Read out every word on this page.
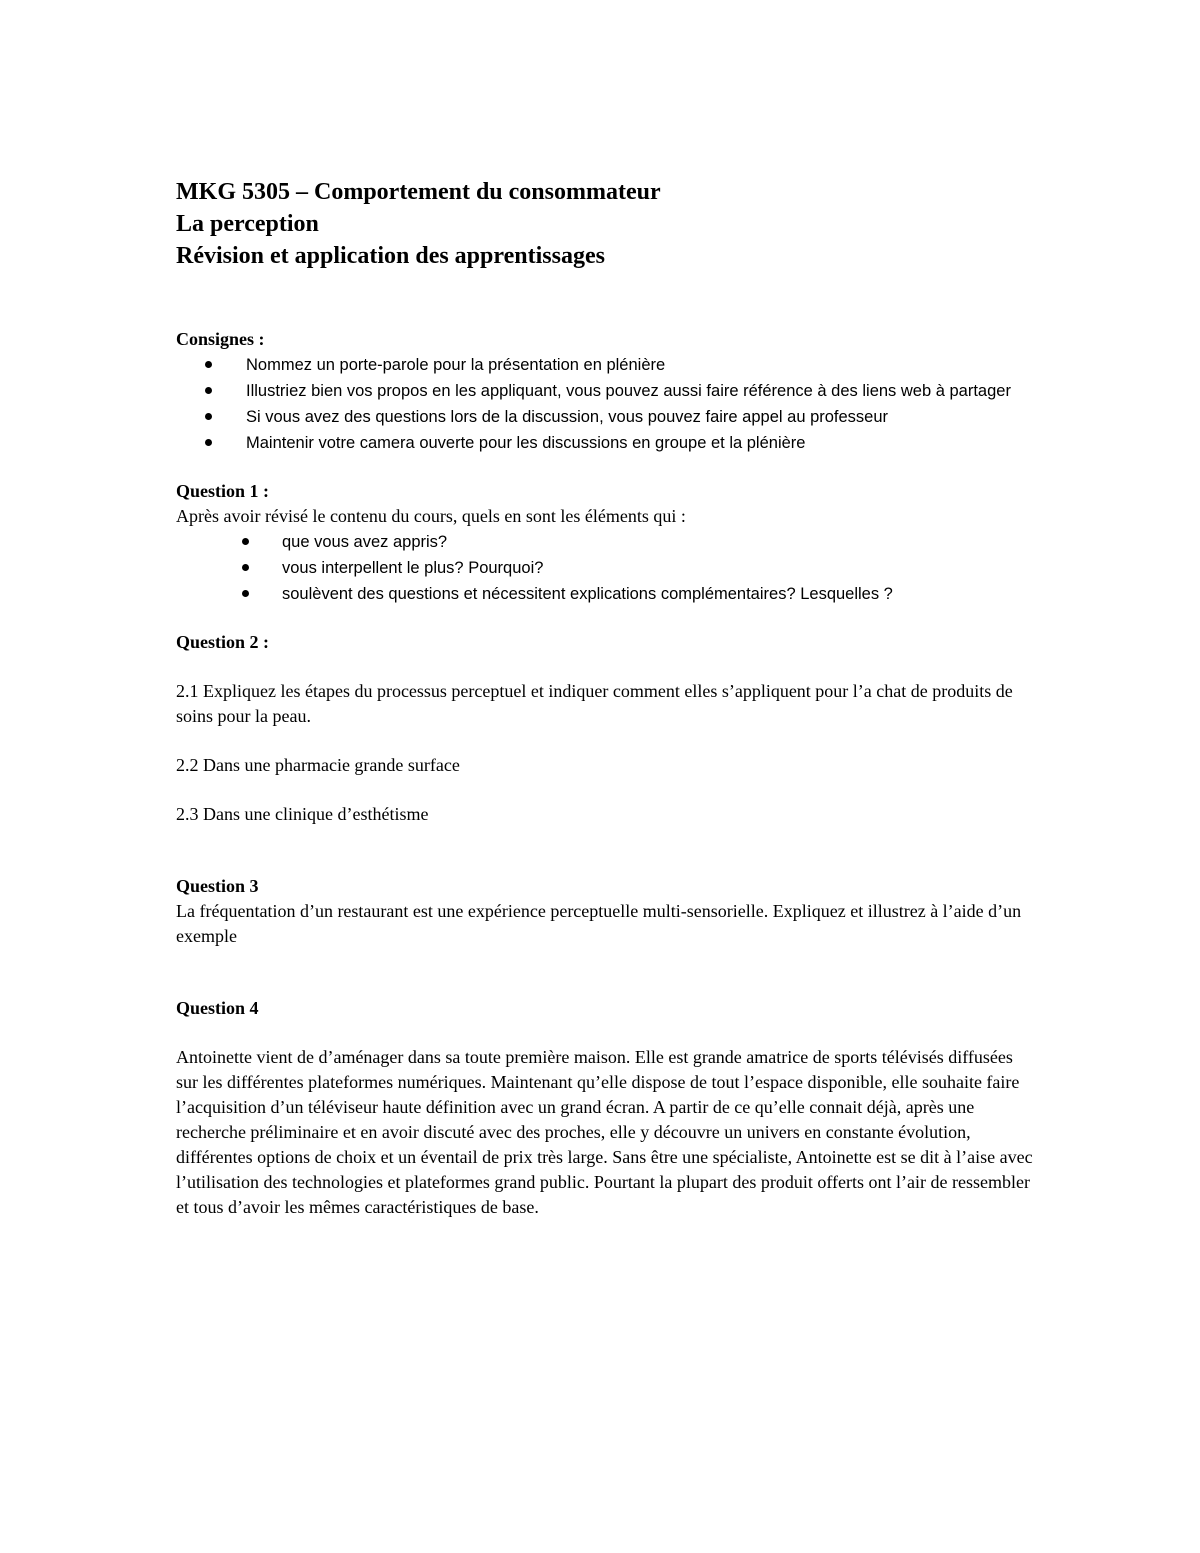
MKG 5305 – Comportement du consommateur

La perception

Révision et application des apprentissages

Consignes :

Nommez un porte-parole pour la présentation en plénière
Illustriez bien vos propos en les appliquant, vous pouvez aussi faire référence à des liens web à partager
Si vous avez des questions lors de la discussion, vous pouvez faire appel au professeur
Maintenir votre camera ouverte pour les discussions en groupe et la plénière

Question 1 :

Après avoir révisé le contenu du cours, quels en sont les éléments qui :

que vous avez appris?
vous interpellent le plus? Pourquoi?
soulèvent des questions et nécessitent explications complémentaires? Lesquelles ?

Question 2 :

2.1 Expliquez les étapes du processus perceptuel et indiquer comment elles s’appliquent pour l’a chat de produits de soins pour la peau.

2.2 Dans une pharmacie grande surface

2.3 Dans une clinique d’esthétisme

Question 3

La fréquentation d’un restaurant est une expérience perceptuelle multi-sensorielle. Expliquez et illustrez à l’aide d’un exemple

Question 4

Antoinette vient de d’aménager dans sa toute première maison. Elle est grande amatrice de sports télévisés diffusées sur les différentes plateformes numériques. Maintenant qu’elle dispose de tout l’espace disponible, elle souhaite faire l’acquisition d’un téléviseur haute définition avec un grand écran. A partir de ce qu’elle connait déjà, après une recherche préliminaire et en avoir discuté avec des proches, elle y découvre un univers en constante évolution, différentes options de choix et un éventail de prix très large. Sans être une spécialiste, Antoinette est se dit à l’aise avec l’utilisation des technologies et plateformes grand public. Pourtant la plupart des produit offerts ont l’air de ressembler et tous d’avoir les mêmes caractéristiques de base.
